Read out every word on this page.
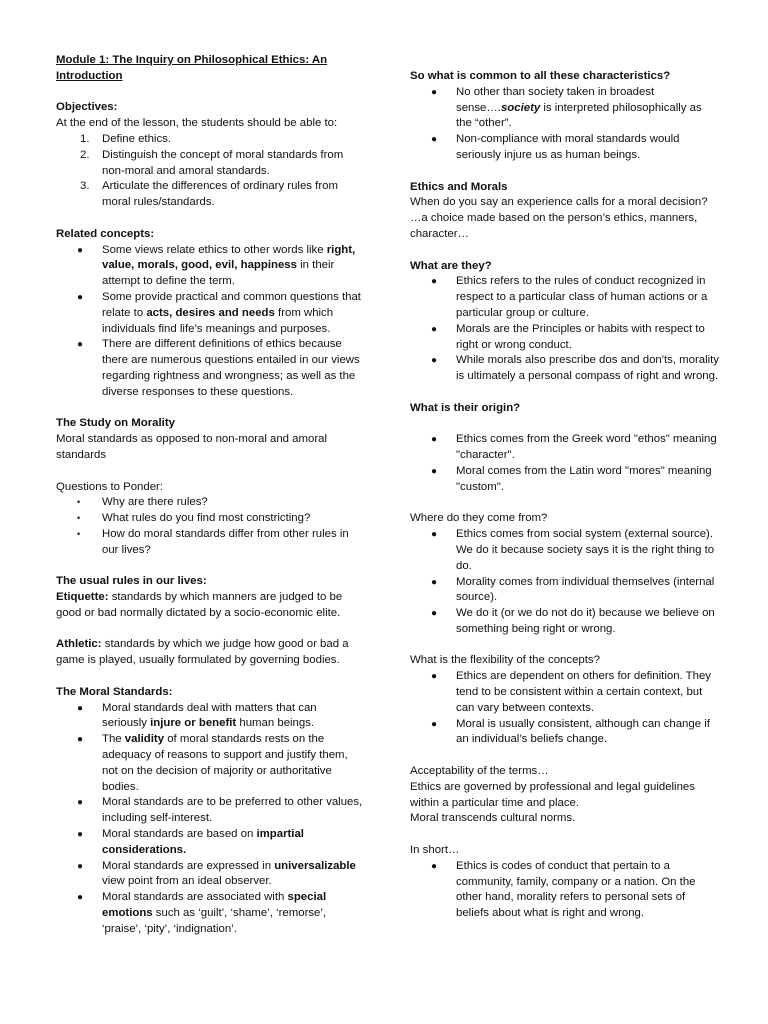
Module 1: The Inquiry on Philosophical Ethics: An

Introduction

Objectives:

At the end of the lesson, the students should be able to:

1. Define ethics.
2. Distinguish the concept of moral standards from non-moral and amoral standards.
3. Articulate the differences of ordinary rules from moral rules/standards.

Related concepts:

● Some views relate ethics to other words like right, value, morals, good, evil, happiness in their attempt to define the term.
● Some provide practical and common questions that relate to acts, desires and needs from which individuals find life’s meanings and purposes.
● There are different definitions of ethics because there are numerous questions entailed in our views regarding rightness and wrongness; as well as the diverse responses to these questions.

The Study on Morality

Moral standards as opposed to non-moral and amoral standards

Questions to Ponder:

• Why are there rules?
• What rules do you find most constricting?
• How do moral standards differ from other rules in our lives?

The usual rules in our lives:

Etiquette: standards by which manners are judged to be good or bad normally dictated by a socio-economic elite.

Athletic: standards by which we judge how good or bad a game is played, usually formulated by governing bodies.

The Moral Standards:

● Moral standards deal with matters that can seriously injure or benefit human beings.
● The validity of moral standards rests on the adequacy of reasons to support and justify them, not on the decision of majority or authoritative bodies.
● Moral standards are to be preferred to other values, including self-interest.
● Moral standards are based on impartial considerations.
● Moral standards are expressed in universalizable view point from an ideal observer.
● Moral standards are associated with special emotions such as ‘guilt’, ‘shame’, ‘remorse’, ‘praise’, ‘pity’, ‘indignation’.

So what is common to all these characteristics?

● No other than society taken in broadest sense….society is interpreted philosophically as the “other”.
● Non-compliance with moral standards would seriously injure us as human beings.

Ethics and Morals

When do you say an experience calls for a moral decision?

…a choice made based on the person’s ethics, manners, character…

What are they?

● Ethics refers to the rules of conduct recognized in respect to a particular class of human actions or a particular group or culture.
● Morals are the Principles or habits with respect to right or wrong conduct.
● While morals also prescribe dos and don'ts, morality is ultimately a personal compass of right and wrong.

What is their origin?

● Ethics comes from the Greek word "ethos" meaning "character".
● Moral comes from the Latin word "mores" meaning "custom".

Where do they come from?

● Ethics comes from social system (external source). We do it because society says it is the right thing to do.
● Morality comes from individual themselves (internal source).
● We do it (or we do not do it) because we believe on something being right or wrong.

What is the flexibility of the concepts?

● Ethics are dependent on others for definition. They tend to be consistent within a certain context, but can vary between contexts.
● Moral is usually consistent, although can change if an individual’s beliefs change.

Acceptability of the terms…

Ethics are governed by professional and legal guidelines within a particular time and place.

Moral transcends cultural norms.

In short…

● Ethics is codes of conduct that pertain to a community, family, company or a nation. On the other hand, morality refers to personal sets of beliefs about what is right and wrong.
